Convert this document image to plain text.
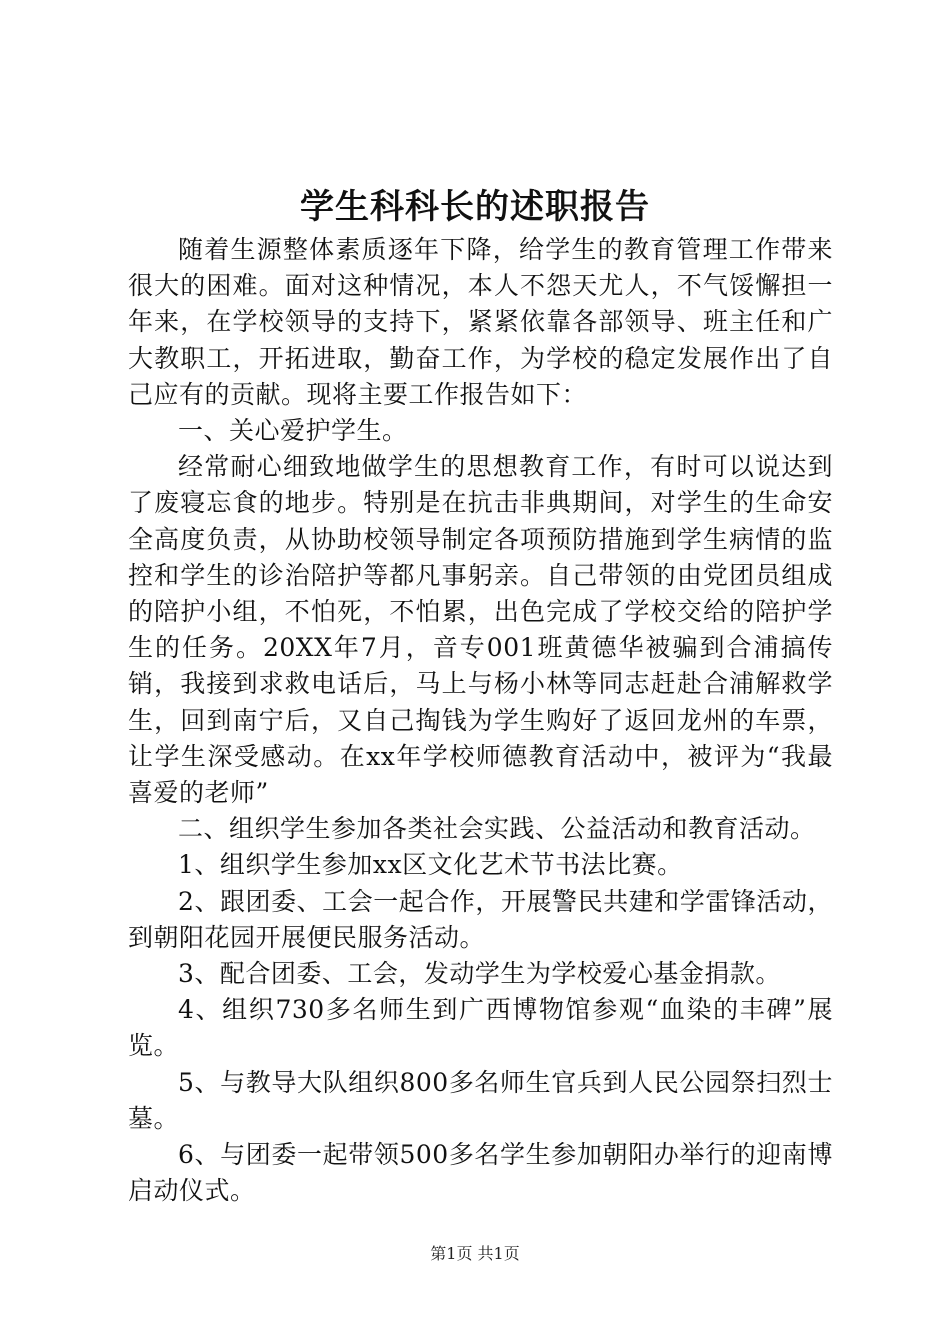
学生科科长的述职报告

随着生源整体素质逐年下降，给学生的教育管理工作带来很大的困难。面对这种情况，本人不怨天尤人，不气馁懈担一年来，在学校领导的支持下，紧紧依靠各部领导、班主任和广大教职工，开拓进取，勤奋工作，为学校的稳定发展作出了自己应有的贡献。现将主要工作报告如下：

一、关心爱护学生。

经常耐心细致地做学生的思想教育工作，有时可以说达到了废寝忘食的地步。特别是在抗击非典期间，对学生的生命安全高度负责，从协助校领导制定各项预防措施到学生病情的监控和学生的诊治陪护等都凡事躬亲。自己带领的由党团员组成的陪护小组，不怕死，不怕累，出色完成了学校交给的陪护学生的任务。20XX年7月，音专001班黄德华被骗到合浦搞传销，我接到求救电话后，马上与杨小林等同志赶赴合浦解救学生，回到南宁后，又自己掏钱为学生购好了返回龙州的车票，让学生深受感动。在xx年学校师德教育活动中，被评为“我最喜爱的老师”

二、组织学生参加各类社会实践、公益活动和教育活动。

1、组织学生参加xx区文化艺术节书法比赛。

2、跟团委、工会一起合作，开展警民共建和学雷锋活动，到朝阳花园开展便民服务活动。

3、配合团委、工会，发动学生为学校爱心基金捐款。

4、组织730多名师生到广西博物馆参观“血染的丰碑”展览。

5、与教导大队组织800多名师生官兵到人民公园祭扫烈士墓。

6、与团委一起带领500多名学生参加朝阳办举行的迎南博启动仪式。

第1页 共1页
